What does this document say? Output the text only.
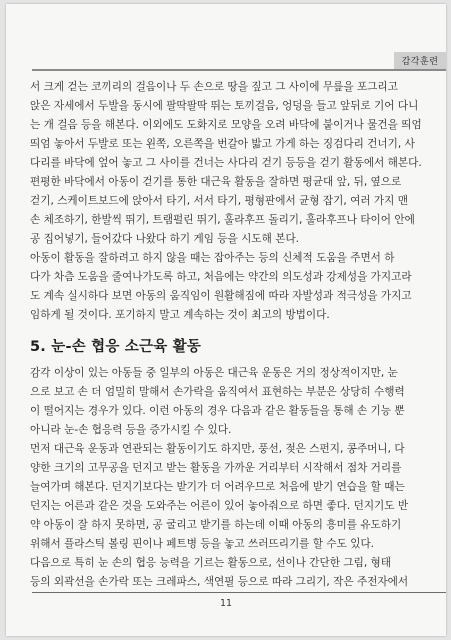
감각훈련

서 크게 걷는 코끼리의 걸음이나 두 손으로 땅을 짚고 그 사이에 무릎을 포그리고
앉은 자세에서 두발을 동시에 팔딱팔딱 뛰는 토끼걸음, 엉덩을 들고 앞뒤로 기어 다니
는 개 걸음 등을 해본다. 이외에도 도화지로 모양을 오려 바닥에 붙이거나 물건을 띄엄
띄엄 놓아서 두발로 또는 왼쪽, 오른쪽을 번갈아 밟고 가게 하는 징검다리 건너기, 사
다리를 바닥에 엎어 놓고 그 사이를 건너는 사다리 걷기 등등을 걷기 활동에서 해본다.

편평한 바닥에서 아동이 걷기를 통한 대근육 활동을 잘하면 평균대 앞, 뒤, 옆으로
걷기, 스케이트보드에 앉아서 타기, 서서 타기, 평형판에서 균형 잡기, 여러 가지 맨
손 체조하기, 한발씩 뛰기, 트램펄린 뛰기, 훌라후프 돌리기, 훌라후프나 타이어 안에
공 집어넣기, 들어갔다 나왔다 하기 게임 등을 시도해 본다.

아동이 활동을 잘하려고 하지 않을 때는 잡아주는 등의 신체적 도움을 주면서 하
다가 차츰 도움을 줄여나가도록 하고, 처음에는 약간의 의도성과 강제성을 가지고라
도 계속 실시하다 보면 아동의 움직임이 원활해짐에 따라 자발성과 적극성을 가지고
임하게 될 것이다. 포기하지 말고 계속하는 것이 최고의 방법이다.

5. 눈-손 협응 소근육 활동

감각 이상이 있는 아동들 중 일부의 아동은 대근육 운동은 거의 정상적이지만, 눈
으로 보고 손 더 엄밀히 말해서 손가락을 움직여서 표현하는 부분은 상당히 수행력
이 떨어지는 경우가 있다. 이런 아동의 경우 다음과 같은 활동들을 통해 손 기능 뿐
아니라 눈-손 협응력 등을 증가시킬 수 있다.

먼저 대근육 운동과 연관되는 활동이기도 하지만, 풍선, 젖은 스펀지, 콩주머니, 다
양한 크기의 고무공을 던지고 받는 활동을 가까운 거리부터 시작해서 점차 거리를
늘여가며 해본다. 던지기보다는 받기가 더 어려우므로 처음에 받기 연습을 할 때는
던지는 어른과 같은 것을 도와주는 어른이 있어 놓아줘으로 하면 좋다. 던지기도 반
약 아동이 잘 하지 못하면, 공 굴리고 받기를 하는데 이때 아동의 흥미를 유도하기
위해서 플라스틱 볼링 핀이나 페트병 등을 놓고 쓰러뜨리기를 할 수도 있다.

다음으로 특히 눈 손의 협응 능력을 기르는 활동으로, 선이나 간단한 그림, 형태
등의 외곽선을 손가락 또는 크레파스, 색연필 등으로 따라 그리기, 작은 주전자에서

11
